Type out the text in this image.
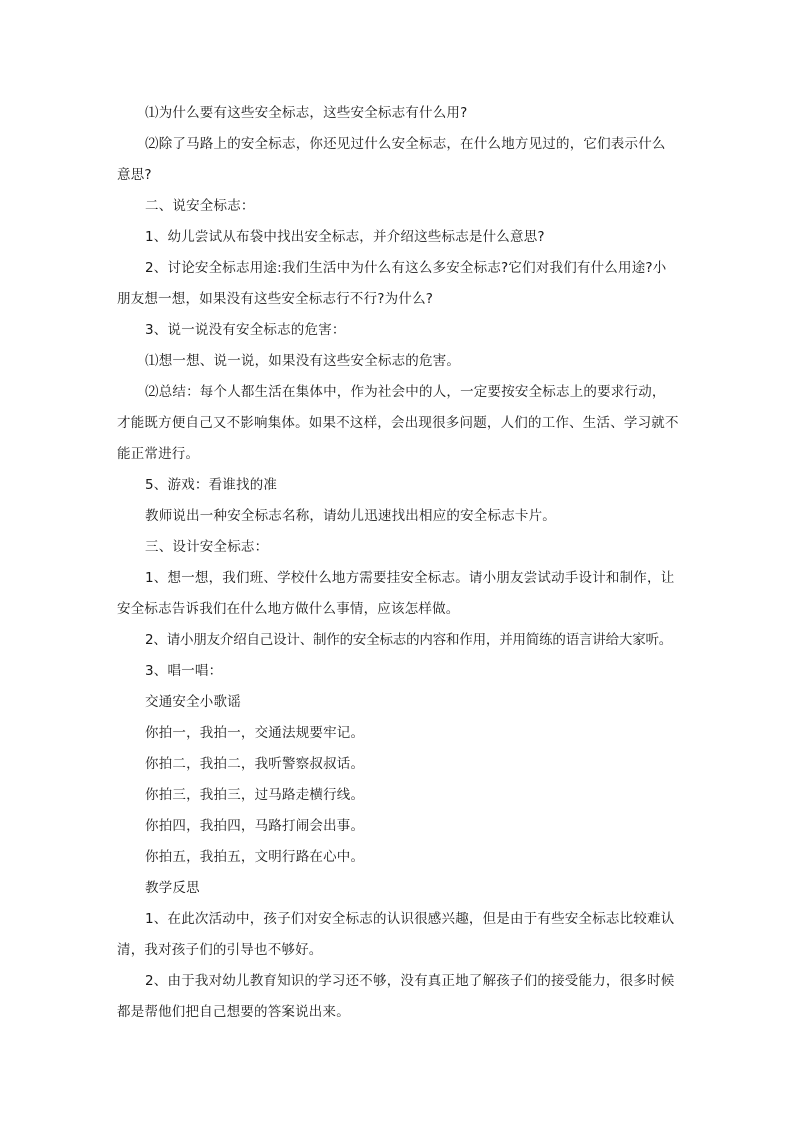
⑴为什么要有这些安全标志，这些安全标志有什么用?

⑵除了马路上的安全标志，你还见过什么安全标志，在什么地方见过的，它们表示什么意思?

二、说安全标志：

1、幼儿尝试从布袋中找出安全标志，并介绍这些标志是什么意思?

2、讨论安全标志用途:我们生活中为什么有这么多安全标志?它们对我们有什么用途?小朋友想一想，如果没有这些安全标志行不行?为什么?

3、说一说没有安全标志的危害：

⑴想一想、说一说，如果没有这些安全标志的危害。

⑵总结：每个人都生活在集体中，作为社会中的人，一定要按安全标志上的要求行动，才能既方便自己又不影响集体。如果不这样，会出现很多问题，人们的工作、生活、学习就不能正常进行。

5、游戏：看谁找的准

教师说出一种安全标志名称，请幼儿迅速找出相应的安全标志卡片。

三、设计安全标志：

1、想一想，我们班、学校什么地方需要挂安全标志。请小朋友尝试动手设计和制作，让安全标志告诉我们在什么地方做什么事情，应该怎样做。

2、请小朋友介绍自己设计、制作的安全标志的内容和作用，并用简练的语言讲给大家听。

3、唱一唱：

交通安全小歌谣

你拍一，我拍一，交通法规要牢记。

你拍二，我拍二，我听警察叔叔话。

你拍三，我拍三，过马路走横行线。

你拍四，我拍四，马路打闹会出事。

你拍五，我拍五，文明行路在心中。

教学反思

1、在此次活动中，孩子们对安全标志的认识很感兴趣，但是由于有些安全标志比较难认清，我对孩子们的引导也不够好。

2、由于我对幼儿教育知识的学习还不够，没有真正地了解孩子们的接受能力，很多时候都是帮他们把自己想要的答案说出来。
